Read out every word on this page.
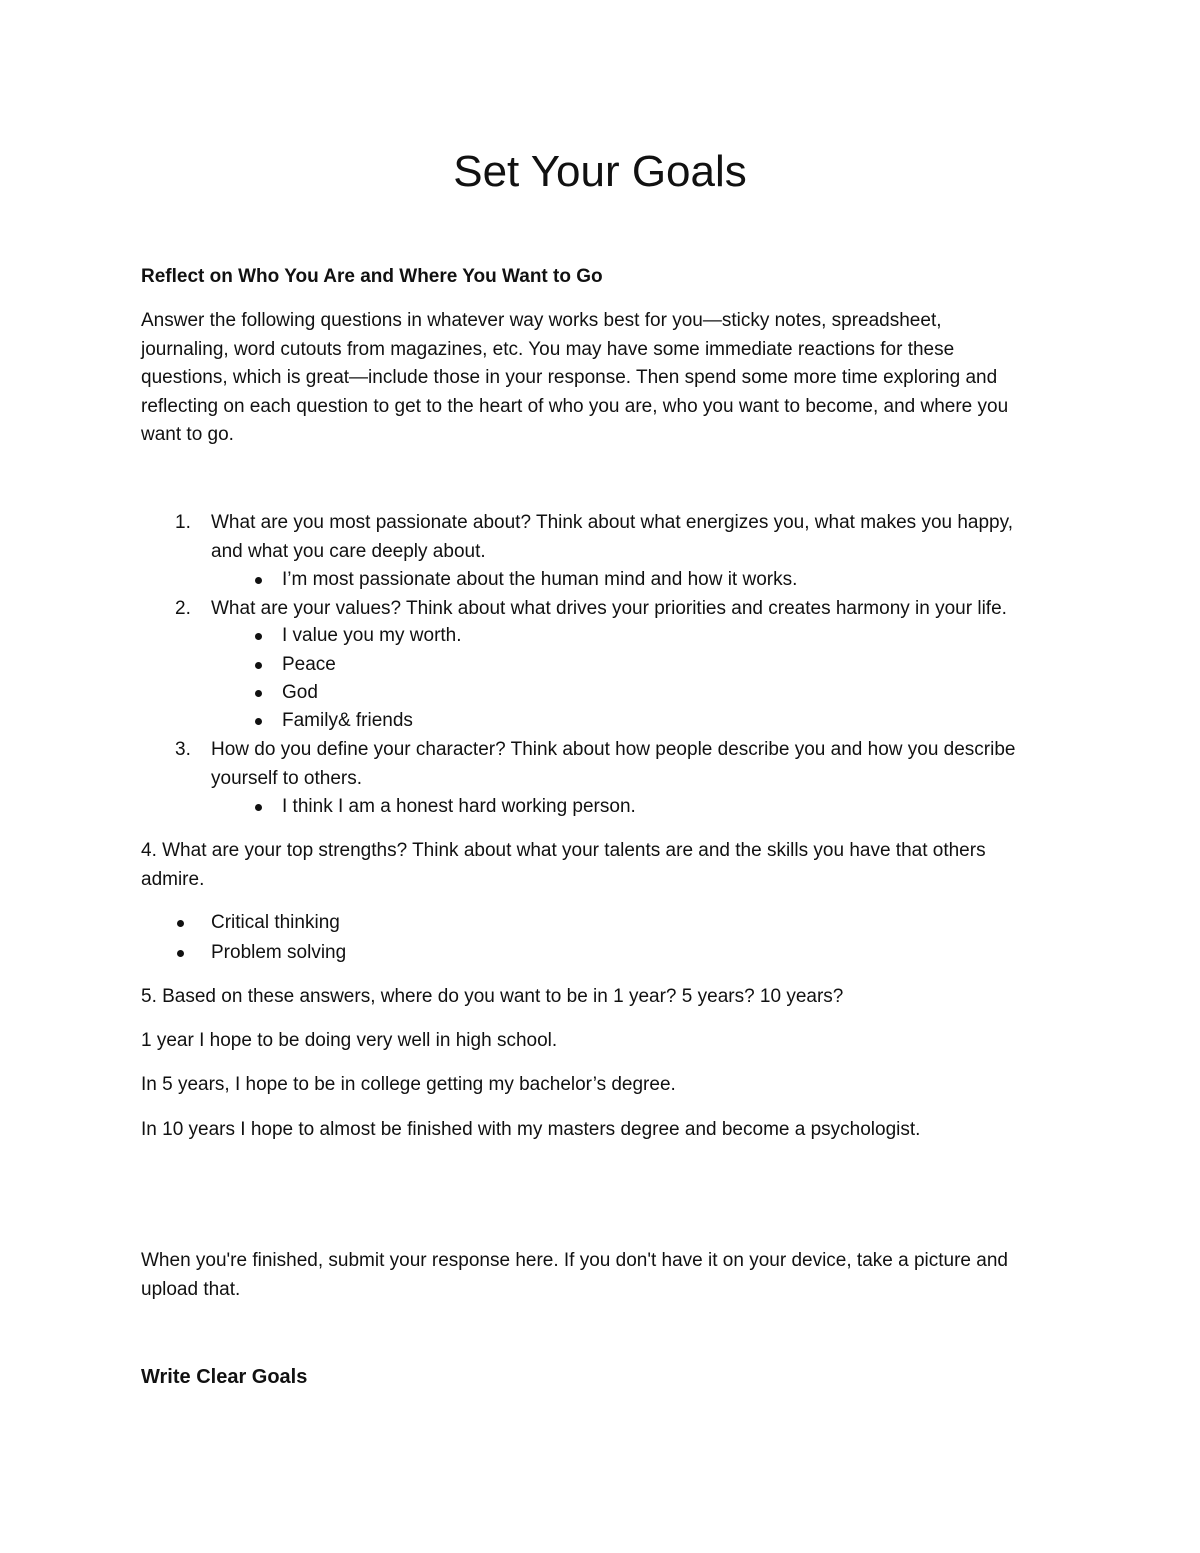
Set Your Goals
Reflect on Who You Are and Where You Want to Go
Answer the following questions in whatever way works best for you—sticky notes, spreadsheet,
journaling, word cutouts from magazines, etc. You may have some immediate reactions for these
questions, which is great—include those in your response. Then spend some more time exploring and
reflecting on each question to get to the heart of who you are, who you want to become, and where you
want to go.
1. What are you most passionate about? Think about what energizes you, what makes you happy,
and what you care deeply about.
I’m most passionate about the human mind and how it works.
2. What are your values? Think about what drives your priorities and creates harmony in your life.
I value you my worth.
Peace
God
Family& friends
3. How do you define your character? Think about how people describe you and how you describe
yourself to others.
I think I am a honest hard working person.
4. What are your top strengths? Think about what your talents are and the skills you have that others
admire.
Critical thinking
Problem solving
5. Based on these answers, where do you want to be in 1 year? 5 years? 10 years?
1 year I hope to be doing very well in high school.
In 5 years, I hope to be in college getting my bachelor’s degree.
In 10 years I hope to almost be finished with my masters degree and become a psychologist.
When you're finished, submit your response here. If you don't have it on your device, take a picture and
upload that.
Write Clear Goals
